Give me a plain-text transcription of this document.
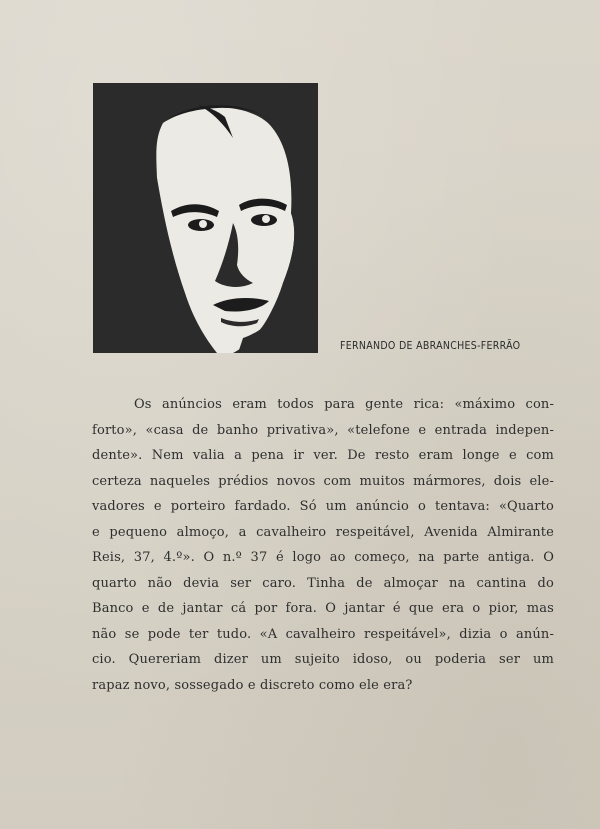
FERNANDO DE ABRANCHES-FERRÃO
Os anúncios eram todos para gente rica: «máximo con-
forto», «casa de banho privativa», «telefone e entrada indepen-
dente». Nem valia a pena ir ver. De resto eram longe e com
certeza naqueles prédios novos com muitos mármores, dois ele-
vadores e porteiro fardado. Só um anúncio o tentava: «Quarto
e pequeno almoço, a cavalheiro respeitável, Avenida Almirante
Reis, 37, 4.º». O n.º 37 é logo ao começo, na parte antiga. O
quarto não devia ser caro. Tinha de almoçar na cantina do
Banco e de jantar cá por fora. O jantar é que era o pior, mas
não se pode ter tudo. «A cavalheiro respeitável», dizia o anún-
cio. Quereriam dizer um sujeito idoso, ou poderia ser um
rapaz novo, sossegado e discreto como ele era?
